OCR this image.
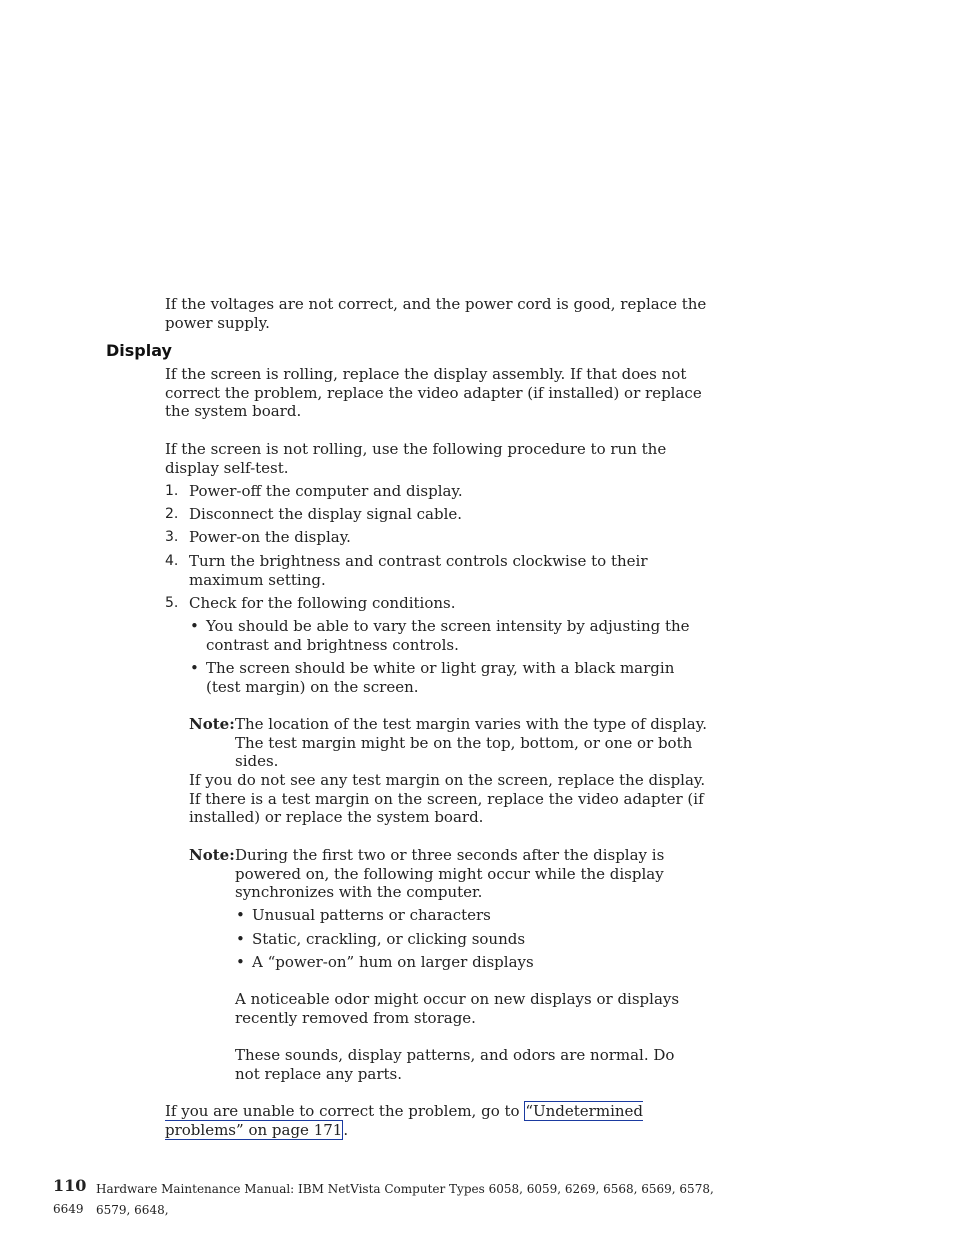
If the voltages are not correct, and the power cord is good, replace the power supply.

Display

If the screen is rolling, replace the display assembly. If that does not correct the problem, replace the video adapter (if installed) or replace the system board.

If the screen is not rolling, use the following procedure to run the display self-test.

1. Power-off the computer and display.

2. Disconnect the display signal cable.

3. Power-on the display.

4. Turn the brightness and contrast controls clockwise to their maximum setting.

5. Check for the following conditions.

• You should be able to vary the screen intensity by adjusting the contrast and brightness controls.

• The screen should be white or light gray, with a black margin (test margin) on the screen.

Note: The location of the test margin varies with the type of display. The test margin might be on the top, bottom, or one or both sides.

If you do not see any test margin on the screen, replace the display. If there is a test margin on the screen, replace the video adapter (if installed) or replace the system board.

Note: During the first two or three seconds after the display is powered on, the following might occur while the display synchronizes with the computer.

• Unusual patterns or characters

• Static, crackling, or clicking sounds

• A “power-on” hum on larger displays

A noticeable odor might occur on new displays or displays recently removed from storage.

These sounds, display patterns, and odors are normal. Do not replace any parts.

If you are unable to correct the problem, go to “Undetermined problems” on page 171.

110 Hardware Maintenance Manual: IBM NetVista Computer Types 6058, 6059, 6269, 6568, 6569, 6578, 6579, 6648,
6649
